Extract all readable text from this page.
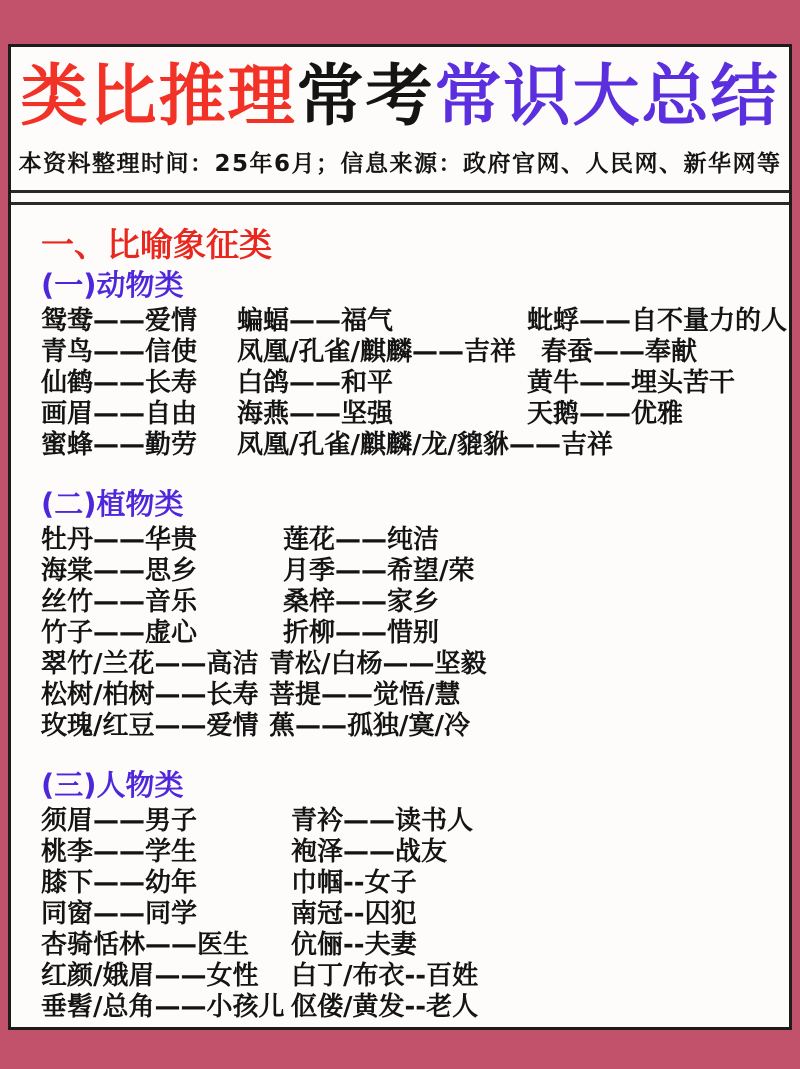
类比推理常考常识大总结
本资料整理时间：25年6月；信息来源：政府官网、人民网、新华网等
一、比喻象征类
(一)动物类
鸳鸯——爱情	蝙蝠——福气	蚍蜉——自不量力的人
青鸟——信使	凤凰/孔雀/麒麟——吉祥 春蚕——奉献
仙鹤——长寿	白鸽——和平	黄牛——埋头苦干
画眉——自由	海燕——坚强	天鹅——优雅
蜜蜂——勤劳	凤凰/孔雀/麒麟/龙/貔貅——吉祥
(二)植物类
牡丹——华贵	莲花——纯洁
海棠——思乡	月季——希望/荣
丝竹——音乐	桑梓——家乡
竹子——虚心	折柳——惜别
翠竹/兰花——高洁 青松/白杨——坚毅
松树/柏树——长寿 菩提——觉悟/慧
玫瑰/红豆——爱情 蕉——孤独/寞/冷
(三)人物类
须眉——男子	青衿——读书人
桃李——学生	袍泽——战友
膝下——幼年	巾帼--女子
同窗——同学	南冠--囚犯
杏骑恬林——医生	伉俪--夫妻
红颜/娥眉——女性	白丁/布衣--百姓
垂髫/总角——小孩儿 伛偻/黄发--老人
